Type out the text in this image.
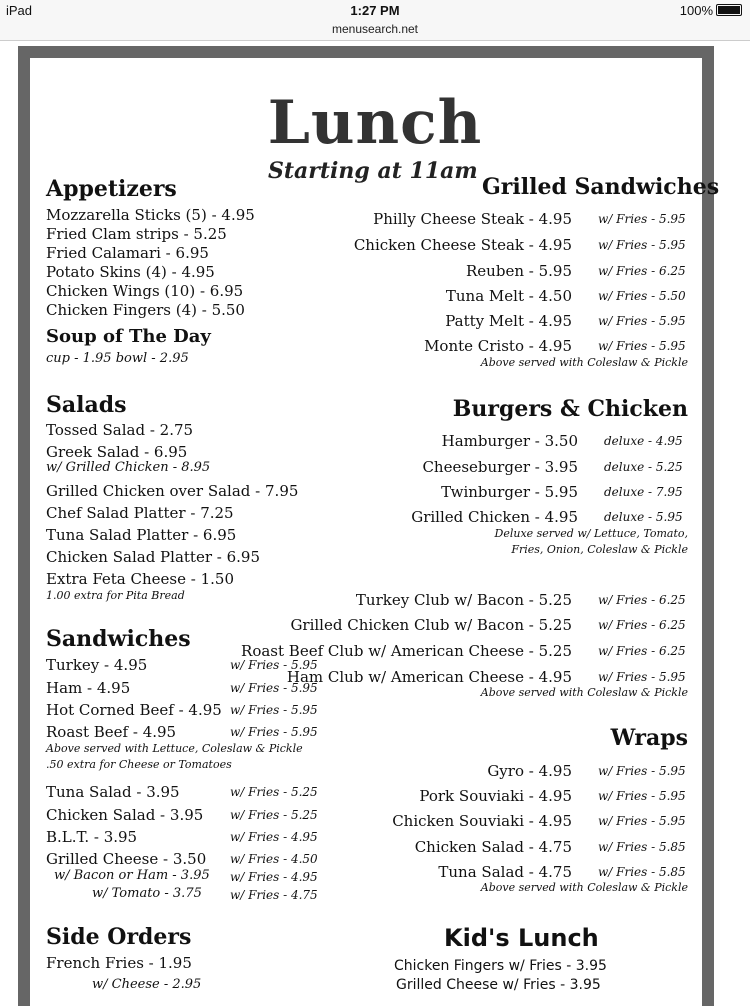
iPad	1:27 PM	100%
menusearch.net
Lunch
Starting at 11am
Appetizers
Mozzarella Sticks (5) - 4.95
Fried Clam strips - 5.25
Fried Calamari - 6.95
Potato Skins (4) - 4.95
Chicken Wings (10) - 6.95
Chicken Fingers (4) - 5.50
Soup of The Day
cup - 1.95 bowl - 2.95
Salads
Tossed Salad - 2.75
Greek Salad - 6.95
w/ Grilled Chicken - 8.95
Grilled Chicken over Salad - 7.95
Chef Salad Platter - 7.25
Tuna Salad Platter - 6.95
Chicken Salad Platter - 6.95
Extra Feta Cheese - 1.50
1.00 extra for Pita Bread
Sandwiches
Turkey - 4.95	w/ Fries - 5.95
Ham - 4.95	w/ Fries - 5.95
Hot Corned Beef - 4.95 w/ Fries - 5.95
Roast Beef - 4.95	w/ Fries - 5.95
Above served with Lettuce, Coleslaw & Pickle
.50 extra for Cheese or Tomatoes
Tuna Salad - 3.95	w/ Fries - 5.25
Chicken Salad - 3.95 w/ Fries - 5.25
B.L.T. - 3.95	w/ Fries - 4.95
Grilled Cheese - 3.50 w/ Fries - 4.50
w/ Bacon or Ham - 3.95 w/ Fries - 4.95
w/ Tomato - 3.75 w/ Fries - 4.75
Side Orders
French Fries - 1.95
w/ Cheese - 2.95
Grilled Sandwiches
Philly Cheese Steak - 4.95 w/ Fries - 5.95
Chicken Cheese Steak - 4.95 w/ Fries - 5.95
Reuben - 5.95 w/ Fries - 6.25
Tuna Melt - 4.50 w/ Fries - 5.50
Patty Melt - 4.95 w/ Fries - 5.95
Monte Cristo - 4.95 w/ Fries - 5.95
Above served with Coleslaw & Pickle
Burgers & Chicken
Hamburger - 3.50 deluxe - 4.95
Cheeseburger - 3.95 deluxe - 5.25
Twinburger - 5.95 deluxe - 7.95
Grilled Chicken - 4.95 deluxe - 5.95
Deluxe served w/ Lettuce, Tomato,
Fries, Onion, Coleslaw & Pickle
Turkey Club w/ Bacon - 5.25 w/ Fries - 6.25
Grilled Chicken Club w/ Bacon - 5.25 w/ Fries - 6.25
Roast Beef Club w/ American Cheese - 5.25 w/ Fries - 6.25
Ham Club w/ American Cheese - 4.95 w/ Fries - 5.95
Above served with Coleslaw & Pickle
Wraps
Gyro - 4.95 w/ Fries - 5.95
Pork Souviaki - 4.95 w/ Fries - 5.95
Chicken Souviaki - 4.95 w/ Fries - 5.95
Chicken Salad - 4.75 w/ Fries - 5.85
Tuna Salad - 4.75 w/ Fries - 5.85
Above served with Coleslaw & Pickle
Kid's Lunch
Chicken Fingers w/ Fries - 3.95
Grilled Cheese w/ Fries - 3.95
